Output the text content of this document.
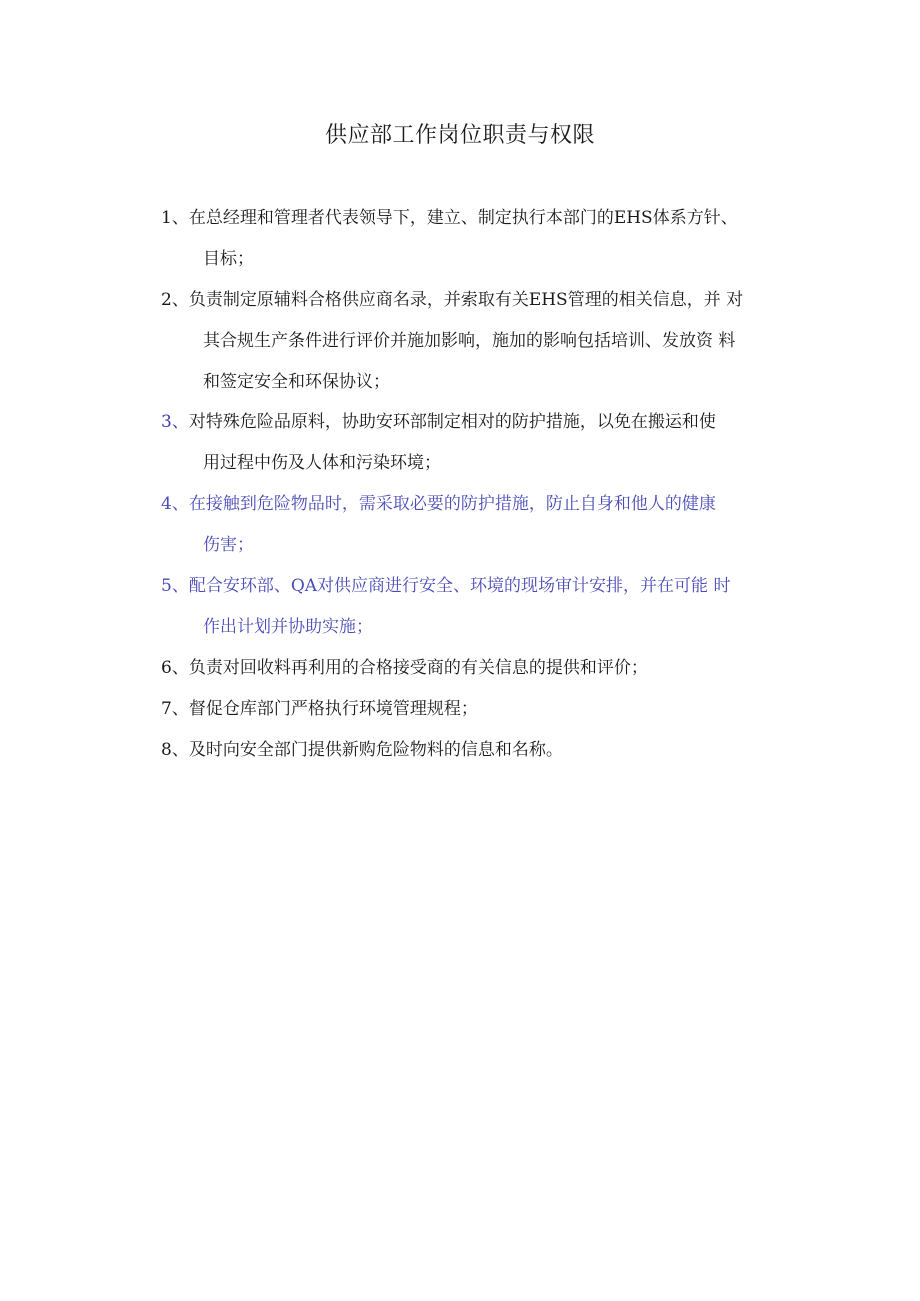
供应部工作岗位职责与权限
1、在总经理和管理者代表领导下，建立、制定执行本部门的EHS体系方针、
目标；
2、负责制定原辅料合格供应商名录，并索取有关EHS管理的相关信息，并 对
其合规生产条件进行评价并施加影响，施加的影响包括培训、发放资 料
和签定安全和环保协议；
3、对特殊危险品原料，协助安环部制定相对的防护措施，以免在搬运和使
用过程中伤及人体和污染环境；
4、在接触到危险物品时，需采取必要的防护措施，防止自身和他人的健康
伤害；
5、配合安环部、QA对供应商进行安全、环境的现场审计安排，并在可能 时
作出计划并协助实施；
6、负责对回收料再利用的合格接受商的有关信息的提供和评价；
7、督促仓库部门严格执行环境管理规程；
8、及时向安全部门提供新购危险物料的信息和名称。
